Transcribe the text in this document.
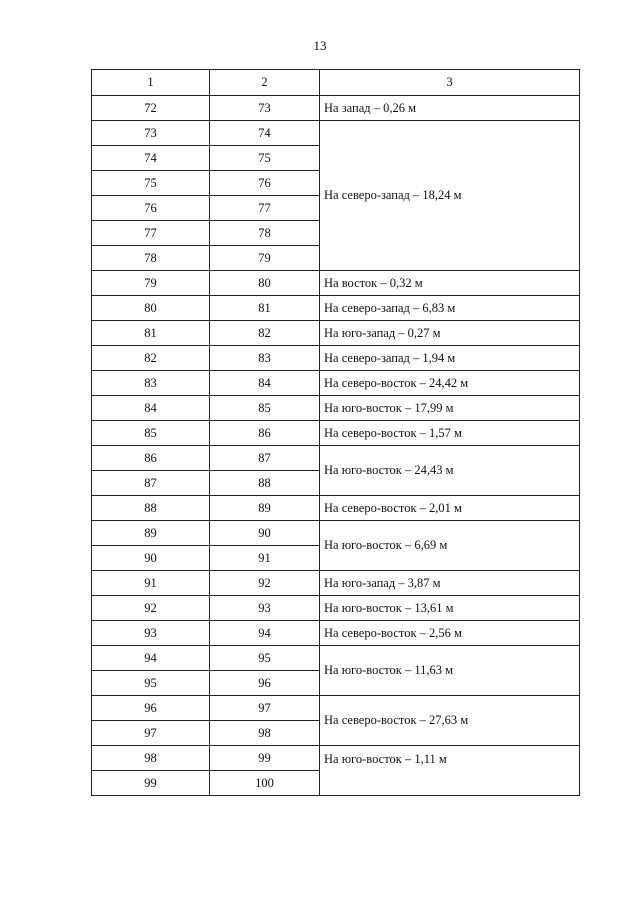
13
1	2	3
72	73	На запад – 0,26 м
73	74	На северо-запад – 18,24 м
74	75	
75	76	
76	77	
77	78	
78	79	
79	80	На восток – 0,32 м
80	81	На северо-запад – 6,83 м
81	82	На юго-запад – 0,27 м
82	83	На северо-запад – 1,94 м
83	84	На северо-восток – 24,42 м
84	85	На юго-восток – 17,99 м
85	86	На северо-восток – 1,57 м
86	87	На юго-восток – 24,43 м
87	88	
88	89	На северо-восток – 2,01 м
89	90	На юго-восток – 6,69 м
90	91	
91	92	На юго-запад – 3,87 м
92	93	На юго-восток – 13,61 м
93	94	На северо-восток – 2,56 м
94	95	На юго-восток – 11,63 м
95	96	
96	97	На северо-восток – 27,63 м
97	98	
98	99	На юго-восток – 1,11 м
99	100	
